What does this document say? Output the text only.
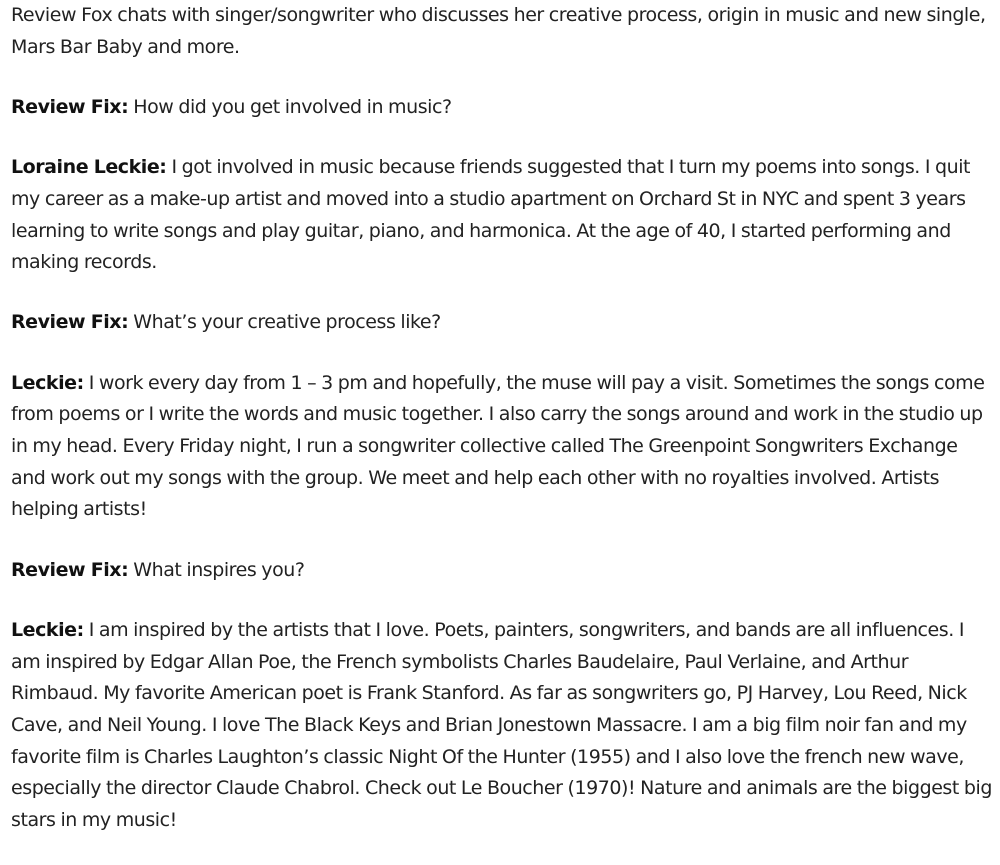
Review Fox chats with singer/songwriter who discusses her creative process, origin in music and new single, Mars Bar Baby and more.

Review Fix: How did you get involved in music?

Loraine Leckie: I got involved in music because friends suggested that I turn my poems into songs. I quit my career as a make-up artist and moved into a studio apartment on Orchard St in NYC and spent 3 years learning to write songs and play guitar, piano, and harmonica. At the age of 40, I started performing and making records.

Review Fix: What’s your creative process like?

Leckie: I work every day from 1 – 3 pm and hopefully, the muse will pay a visit. Sometimes the songs come from poems or I write the words and music together. I also carry the songs around and work in the studio up in my head. Every Friday night, I run a songwriter collective called The Greenpoint Songwriters Exchange and work out my songs with the group. We meet and help each other with no royalties involved. Artists helping artists!

Review Fix: What inspires you?

Leckie: I am inspired by the artists that I love. Poets, painters, songwriters, and bands are all influences. I am inspired by Edgar Allan Poe, the French symbolists Charles Baudelaire, Paul Verlaine, and Arthur Rimbaud. My favorite American poet is Frank Stanford. As far as songwriters go, PJ Harvey, Lou Reed, Nick Cave, and Neil Young. I love The Black Keys and Brian Jonestown Massacre. I am a big film noir fan and my favorite film is Charles Laughton’s classic Night Of the Hunter (1955) and I also love the french new wave, especially the director Claude Chabrol. Check out Le Boucher (1970)! Nature and animals are the biggest big stars in my music!
